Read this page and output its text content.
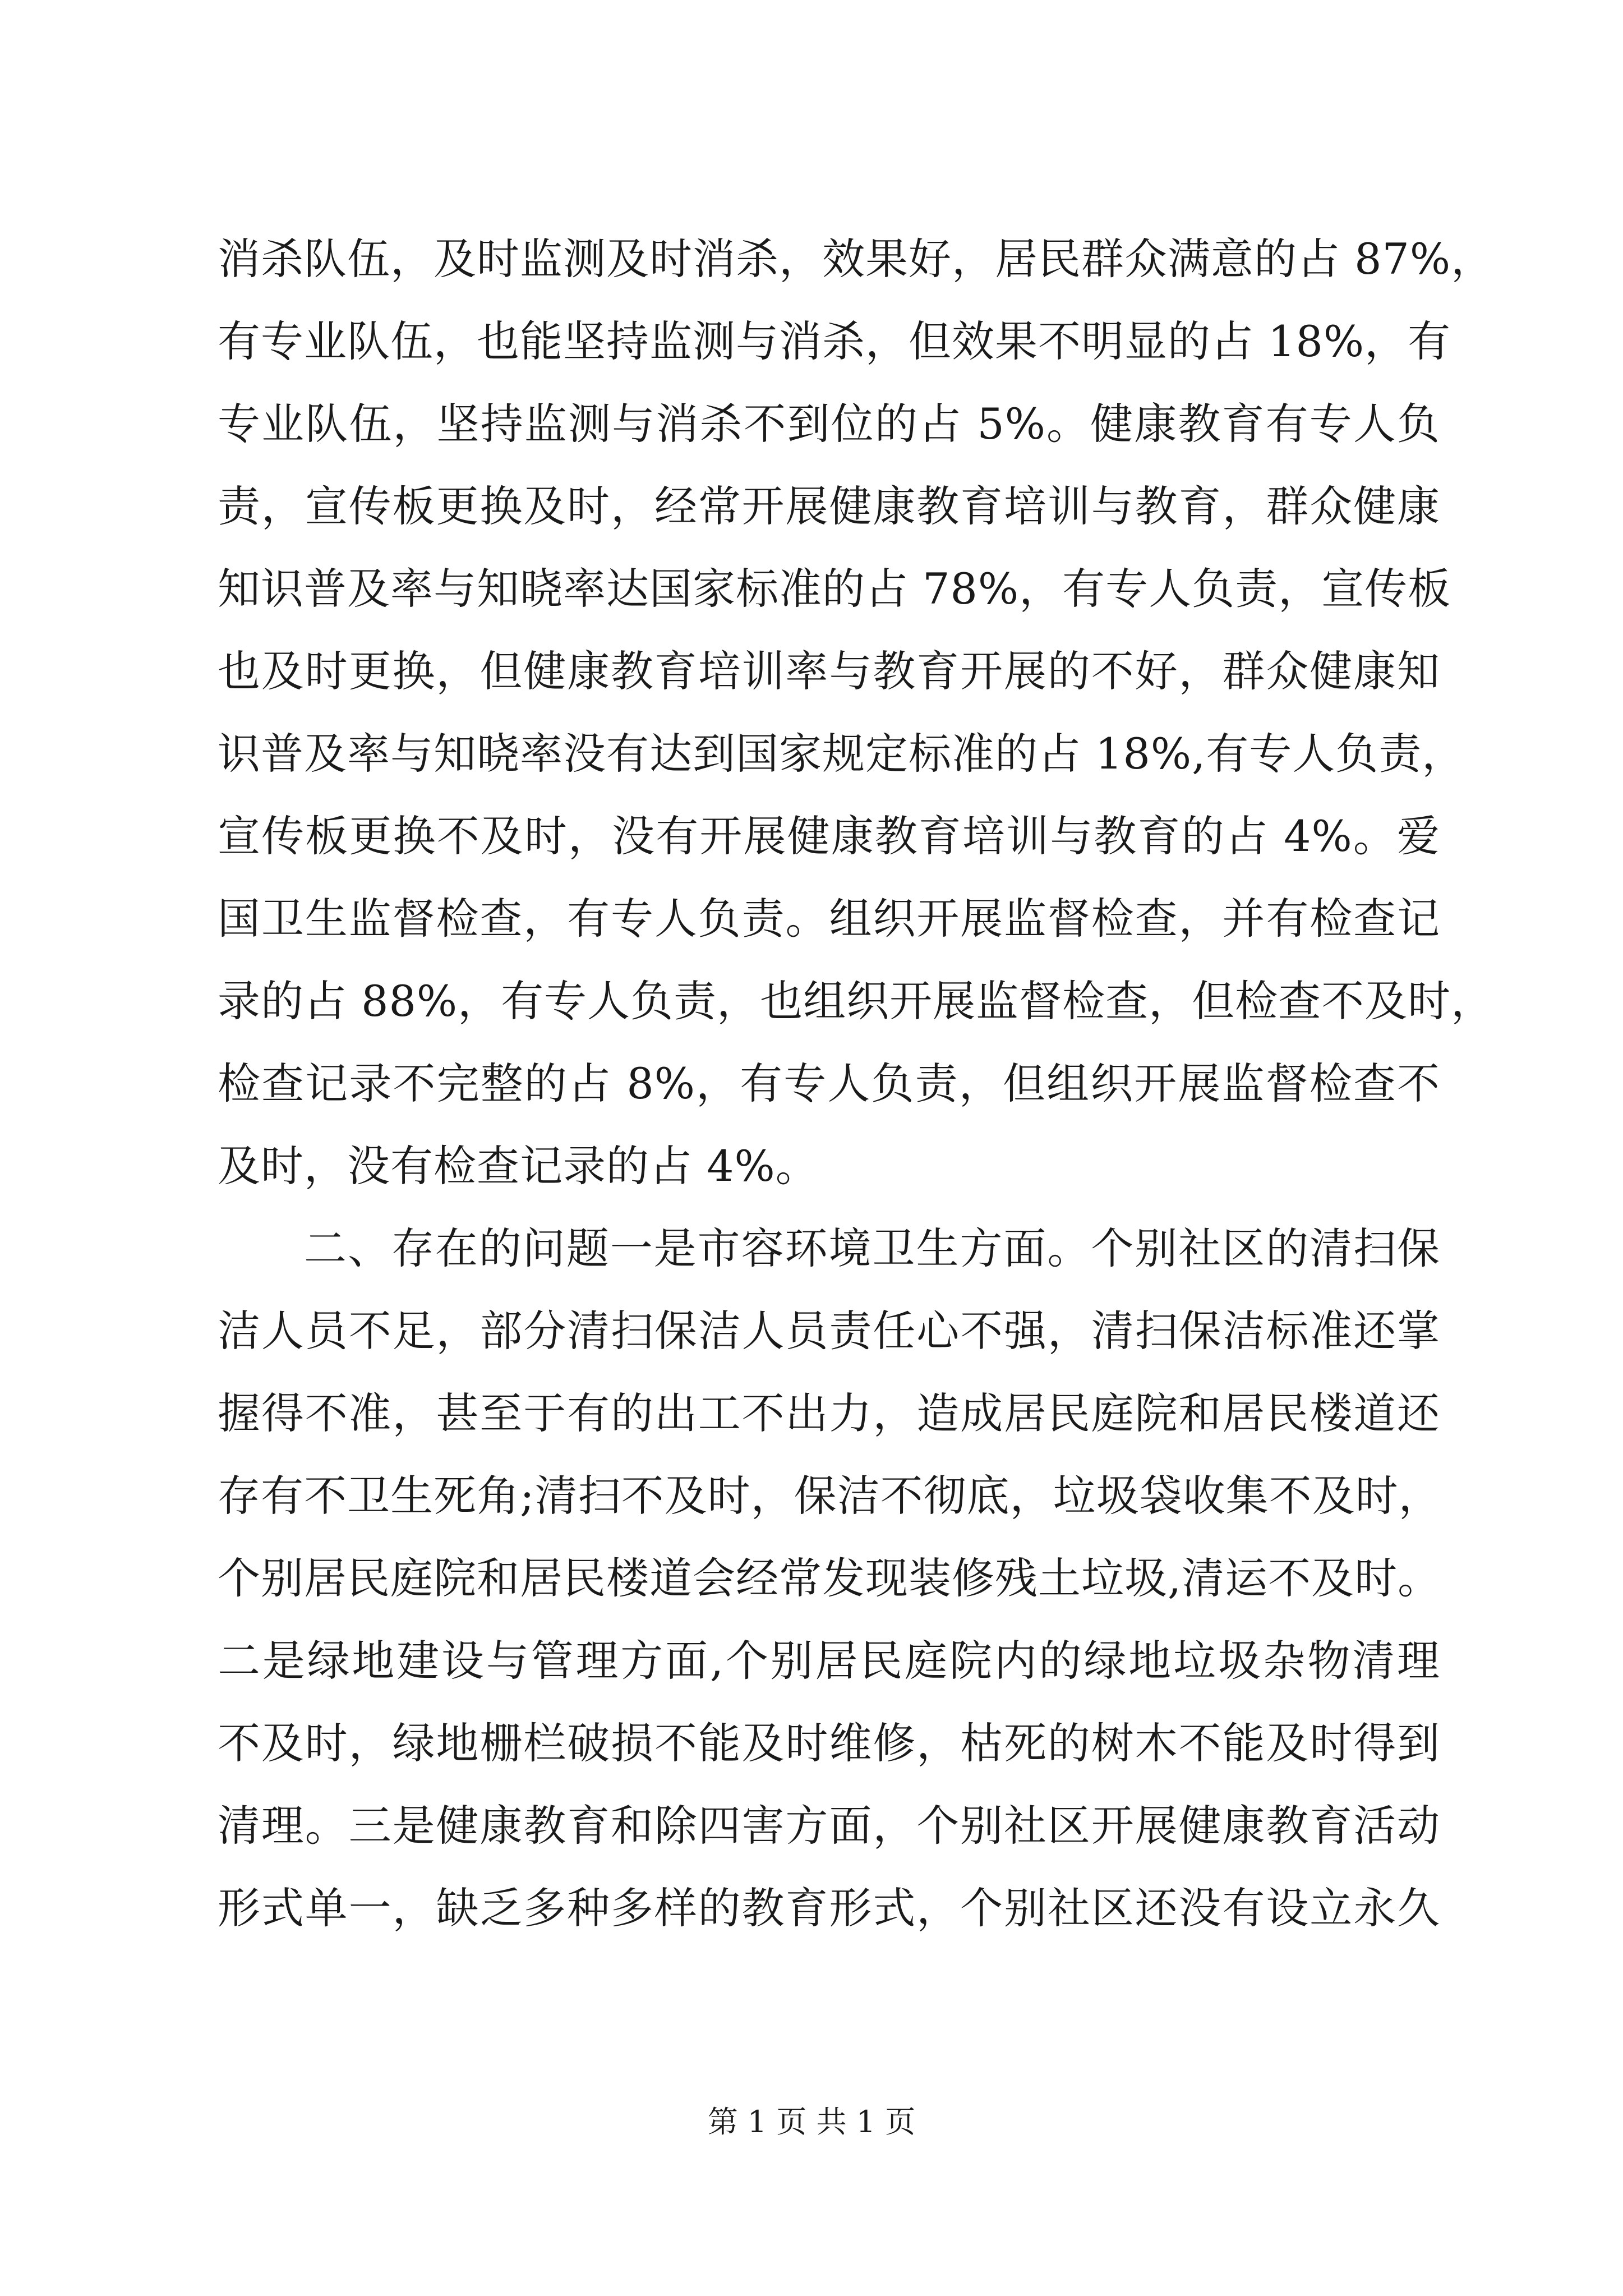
消杀队伍，及时监测及时消杀，效果好，居民群众满意的占 87%，
有专业队伍，也能坚持监测与消杀，但效果不明显的占 18%，有
专业队伍，坚持监测与消杀不到位的占 5%。健康教育有专人负
责，宣传板更换及时，经常开展健康教育培训与教育，群众健康
知识普及率与知晓率达国家标准的占 78%，有专人负责，宣传板
也及时更换，但健康教育培训率与教育开展的不好，群众健康知
识普及率与知晓率没有达到国家规定标准的占 18%,有专人负责，
宣传板更换不及时，没有开展健康教育培训与教育的占 4%。爱
国卫生监督检查，有专人负责。组织开展监督检查，并有检查记
录的占 88%，有专人负责，也组织开展监督检查，但检查不及时，
检查记录不完整的占 8%，有专人负责，但组织开展监督检查不
及时，没有检查记录的占 4%。
二、存在的问题一是市容环境卫生方面。个别社区的清扫保
洁人员不足，部分清扫保洁人员责任心不强，清扫保洁标准还掌
握得不准，甚至于有的出工不出力，造成居民庭院和居民楼道还
存有不卫生死角;清扫不及时，保洁不彻底，垃圾袋收集不及时，
个别居民庭院和居民楼道会经常发现装修残土垃圾,清运不及时。
二是绿地建设与管理方面,个别居民庭院内的绿地垃圾杂物清理
不及时，绿地栅栏破损不能及时维修，枯死的树木不能及时得到
清理。三是健康教育和除四害方面，个别社区开展健康教育活动
形式单一，缺乏多种多样的教育形式，个别社区还没有设立永久
第 1 页 共 1 页
